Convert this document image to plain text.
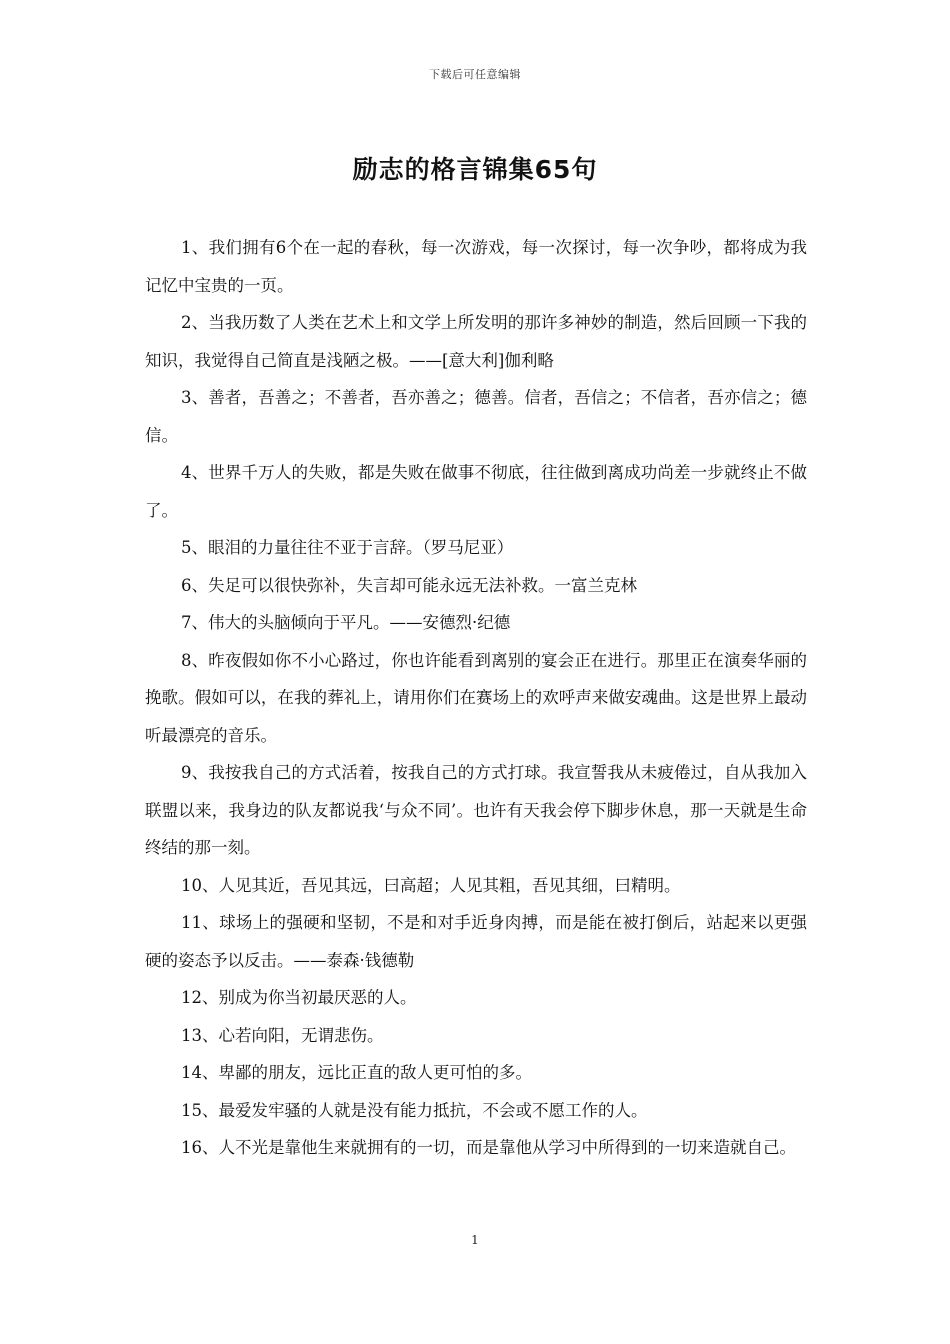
下载后可任意编辑
励志的格言锦集65句

1、我们拥有6个在一起的春秋，每一次游戏，每一次探讨，每一次争吵，都将成为我记忆中宝贵的一页。

2、当我历数了人类在艺术上和文学上所发明的那许多神妙的制造，然后回顾一下我的知识，我觉得自己简直是浅陋之极。——[意大利]伽利略

3、善者，吾善之；不善者，吾亦善之；德善。信者，吾信之；不信者，吾亦信之；德信。

4、世界千万人的失败，都是失败在做事不彻底，往往做到离成功尚差一步就终止不做了。

5、眼泪的力量往往不亚于言辞。（罗马尼亚）

6、失足可以很快弥补，失言却可能永远无法补救。一富兰克林

7、伟大的头脑倾向于平凡。——安德烈·纪德

8、昨夜假如你不小心路过，你也许能看到离别的宴会正在进行。那里正在演奏华丽的挽歌。假如可以，在我的葬礼上，请用你们在赛场上的欢呼声来做安魂曲。这是世界上最动听最漂亮的音乐。

9、我按我自己的方式活着，按我自己的方式打球。我宣誓我从未疲倦过，自从我加入联盟以来，我身边的队友都说我‘与众不同’。也许有天我会停下脚步休息，那一天就是生命终结的那一刻。

10、人见其近，吾见其远，曰高超；人见其粗，吾见其细，曰精明。

11、球场上的强硬和坚韧，不是和对手近身肉搏，而是能在被打倒后，站起来以更强硬的姿态予以反击。——泰森·钱德勒

12、别成为你当初最厌恶的人。

13、心若向阳，无谓悲伤。

14、卑鄙的朋友，远比正直的敌人更可怕的多。

15、最爱发牢骚的人就是没有能力抵抗，不会或不愿工作的人。

16、人不光是靠他生来就拥有的一切，而是靠他从学习中所得到的一切来造就自己。

1
